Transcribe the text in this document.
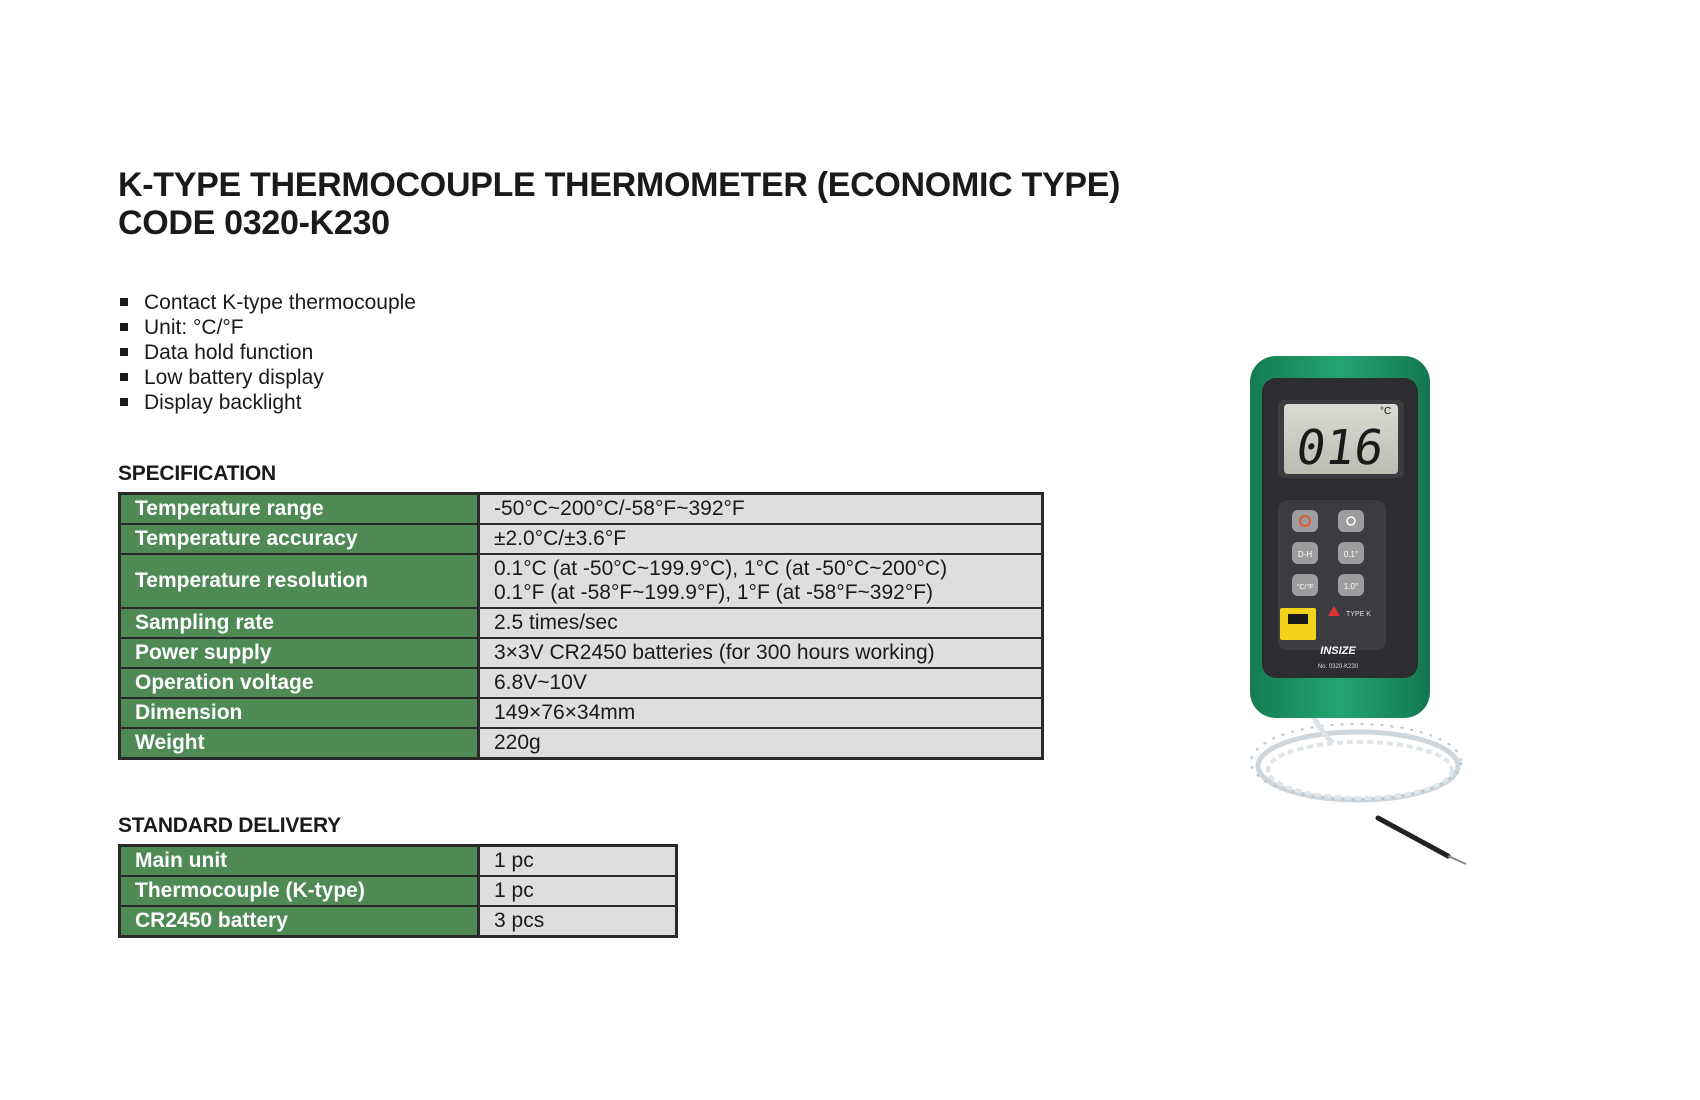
K-TYPE THERMOCOUPLE THERMOMETER (ECONOMIC TYPE)
CODE 0320-K230
Contact K-type thermocouple
Unit: °C/°F
Data hold function
Low battery display
Display backlight
SPECIFICATION
Temperature range	-50°C~200°C/-58°F~392°F

Temperature accuracy	±2.0°C/±3.6°F

Temperature resolution	0.1°C (at -50°C~199.9°C), 1°C (at -50°C~200°C)
0.1°F (at -58°F~199.9°F), 1°F (at -58°F~392°F)

Sampling rate	2.5 times/sec

Power supply	3×3V CR2450 batteries (for 300 hours working)

Operation voltage	6.8V~10V

Dimension	149×76×34mm

Weight	220g
STANDARD DELIVERY
Main unit	1 pc

Thermocouple (K-type)	1 pc

CR2450 battery	3 pcs
°C
016
D-H	0.1°
°C/°F	1.0°
TYPE K
INSIZE
No. 0320-K230
